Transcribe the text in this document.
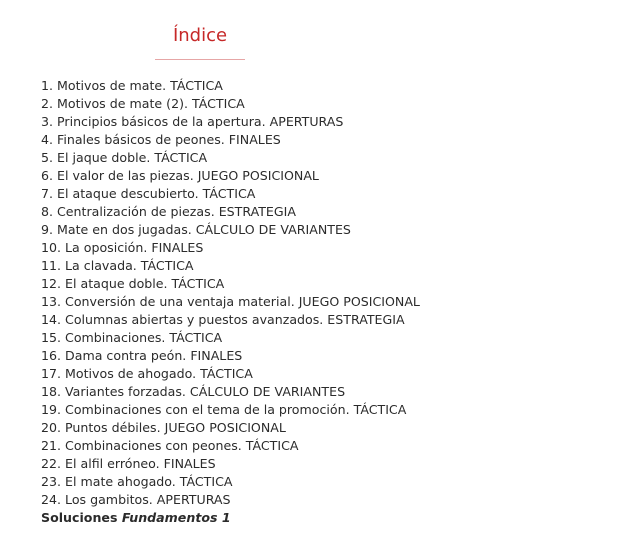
Índice
1. Motivos de mate. TÁCTICA
2. Motivos de mate (2). TÁCTICA
3. Principios básicos de la apertura. APERTURAS
4. Finales básicos de peones. FINALES
5. El jaque doble. TÁCTICA
6. El valor de las piezas. JUEGO POSICIONAL
7. El ataque descubierto. TÁCTICA
8. Centralización de piezas. ESTRATEGIA
9. Mate en dos jugadas. CÁLCULO DE VARIANTES
10. La oposición. FINALES
11. La clavada. TÁCTICA
12. El ataque doble. TÁCTICA
13. Conversión de una ventaja material. JUEGO POSICIONAL
14. Columnas abiertas y puestos avanzados. ESTRATEGIA
15. Combinaciones. TÁCTICA
16. Dama contra peón. FINALES
17. Motivos de ahogado. TÁCTICA
18. Variantes forzadas. CÁLCULO DE VARIANTES
19. Combinaciones con el tema de la promoción. TÁCTICA
20. Puntos débiles. JUEGO POSICIONAL
21. Combinaciones con peones. TÁCTICA
22. El alfil erróneo. FINALES
23. El mate ahogado. TÁCTICA
24. Los gambitos. APERTURAS
Soluciones Fundamentos 1
